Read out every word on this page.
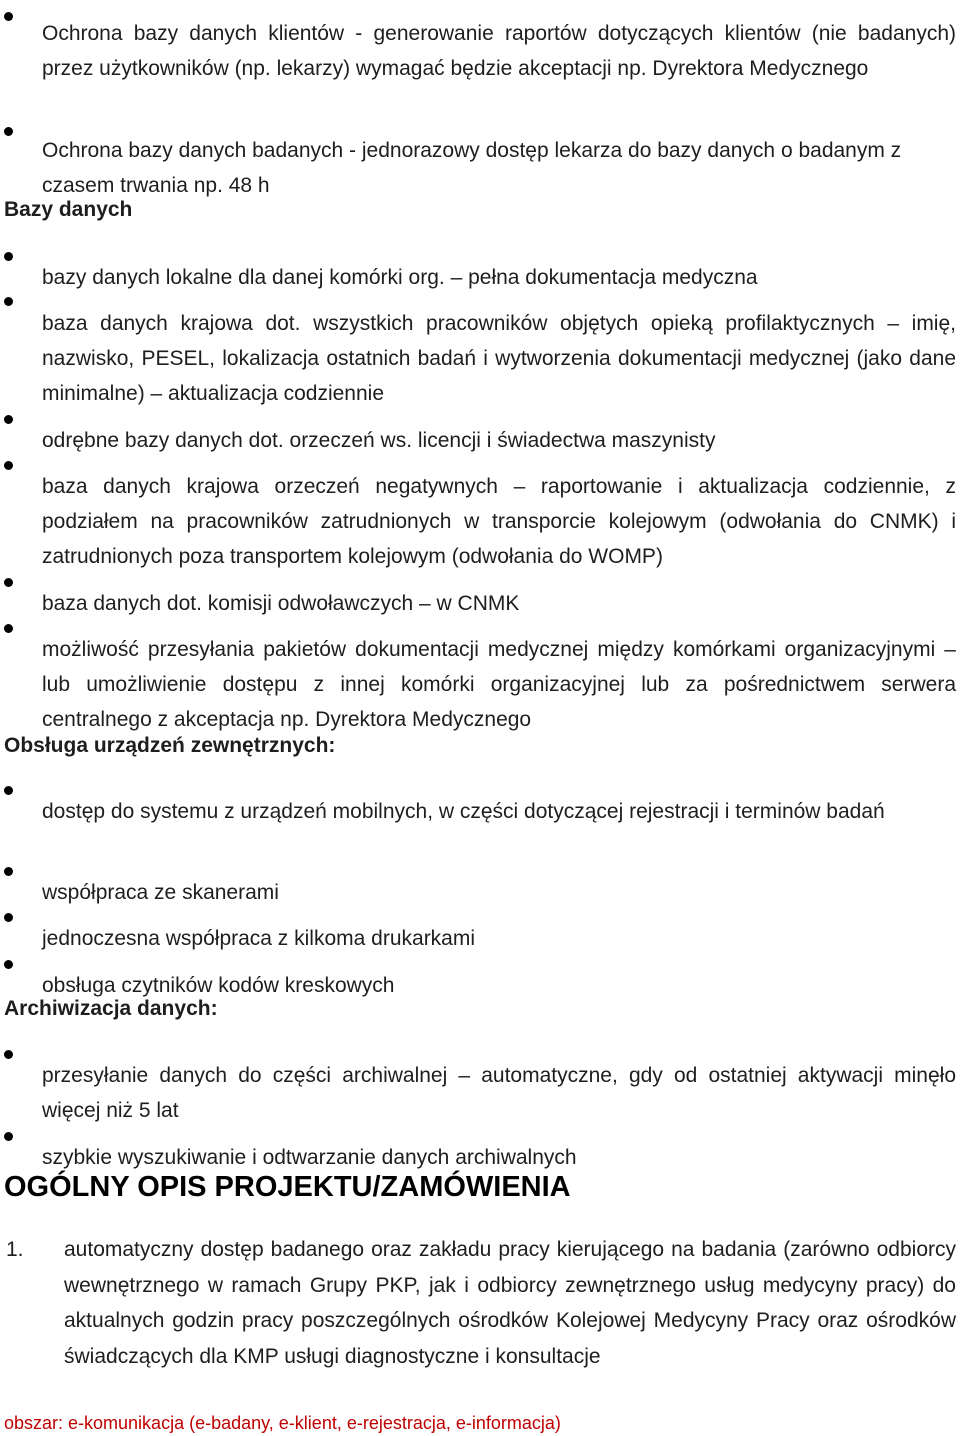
Ochrona bazy danych klientów - generowanie raportów dotyczących klientów (nie badanych) przez użytkowników (np. lekarzy) wymagać będzie akceptacji np. Dyrektora Medycznego

Ochrona bazy danych badanych - jednorazowy dostęp lekarza do bazy danych o badanym z czasem trwania np. 48 h

Bazy danych

bazy danych lokalne dla danej komórki org. – pełna dokumentacja medyczna

baza danych krajowa dot. wszystkich pracowników objętych opieką profilaktycznych – imię, nazwisko, PESEL, lokalizacja ostatnich badań i wytworzenia dokumentacji medycznej (jako dane minimalne) – aktualizacja codziennie

odrębne bazy danych dot. orzeczeń ws. licencji i świadectwa maszynisty

baza danych krajowa orzeczeń negatywnych – raportowanie i aktualizacja codziennie, z podziałem na pracowników zatrudnionych w transporcie kolejowym (odwołania do CNMK) i zatrudnionych poza transportem kolejowym (odwołania do WOMP)

baza danych dot. komisji odwoławczych – w CNMK

możliwość przesyłania pakietów dokumentacji medycznej między komórkami organizacyjnymi – lub umożliwienie dostępu z innej komórki organizacyjnej lub za pośrednictwem serwera centralnego z akceptacja np. Dyrektora Medycznego

Obsługa urządzeń zewnętrznych:

dostęp do systemu z urządzeń mobilnych, w części dotyczącej rejestracji i terminów badań

współpraca ze skanerami

jednoczesna współpraca z kilkoma drukarkami

obsługa czytników kodów kreskowych

Archiwizacja danych:

przesyłanie danych do części archiwalnej – automatyczne, gdy od ostatniej aktywacji minęło więcej niż 5 lat

szybkie wyszukiwanie i odtwarzanie danych archiwalnych

OGÓLNY OPIS PROJEKTU/ZAMÓWIENIA
1. automatyczny dostęp badanego oraz zakładu pracy kierującego na badania (zarówno odbiorcy wewnętrznego w ramach Grupy PKP, jak i odbiorcy zewnętrznego usług medycyny pracy) do aktualnych godzin pracy poszczególnych ośrodków Kolejowej Medycyny Pracy oraz ośrodków świadczących dla KMP usługi diagnostyczne i konsultacje

obszar: e-komunikacja (e-badany, e-klient, e-rejestracja, e-informacja)
